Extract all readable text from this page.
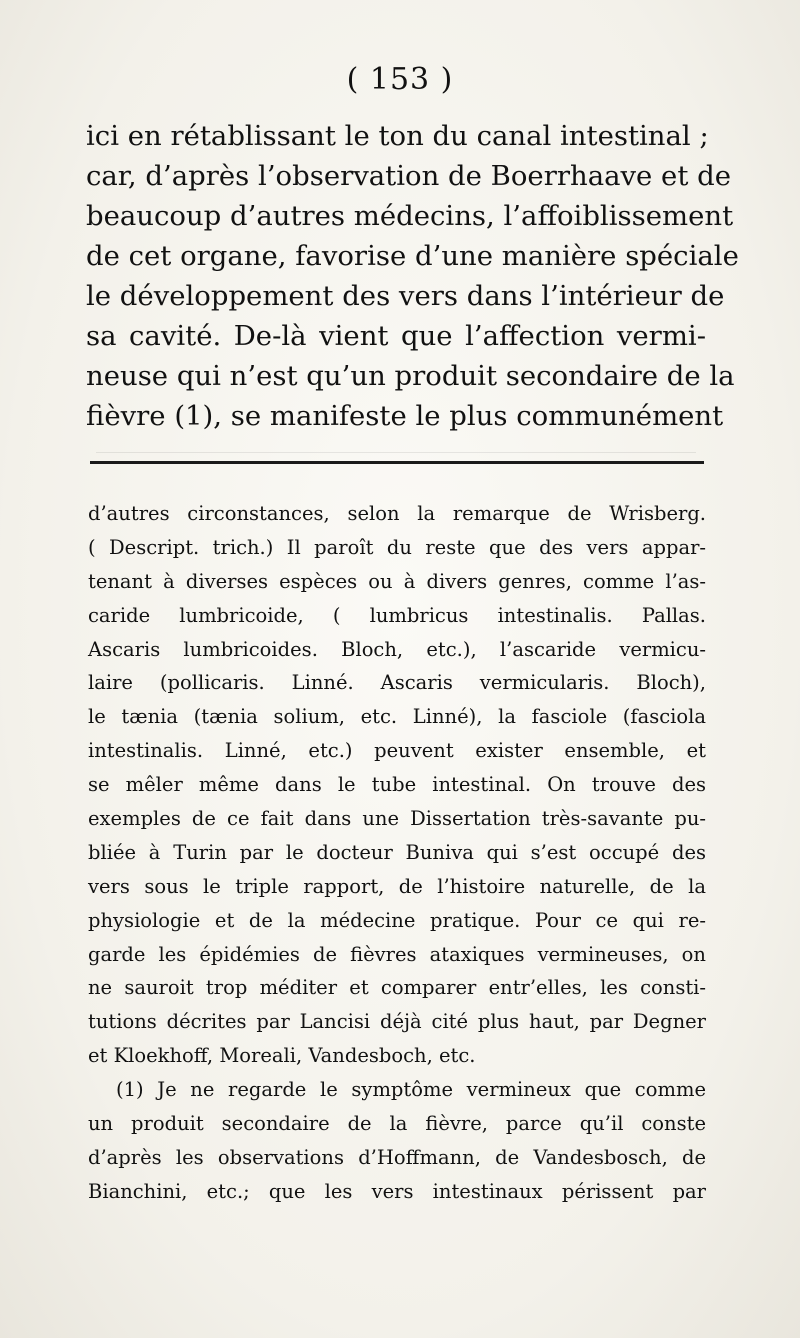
( 153 )
ici en rétablissant le ton du canal intestinal ;
car, d’après l’observation de Boerrhaave et de
beaucoup d’autres médecins, l’affoiblissement
de cet organe, favorise d’une manière spéciale
le développement des vers dans l’intérieur de
sa cavité. De-là vient que l’affection vermi-
neuse qui n’est qu’un produit secondaire de la
fièvre (1), se manifeste le plus communément
d’autres circonstances, selon la remarque de Wrisberg.
( Descript. trich.) Il paroît du reste que des vers appar-
tenant à diverses espèces ou à divers genres, comme l’as-
caride lumbricoide, ( lumbricus intestinalis. Pallas.
Ascaris lumbricoides. Bloch, etc.), l’ascaride vermicu-
laire (pollicaris. Linné. Ascaris vermicularis. Bloch),
le tænia (tænia solium, etc. Linné), la fasciole (fasciola
intestinalis. Linné, etc.) peuvent exister ensemble, et
se mêler même dans le tube intestinal. On trouve des
exemples de ce fait dans une Dissertation très-savante pu-
bliée à Turin par le docteur Buniva qui s’est occupé des
vers sous le triple rapport, de l’histoire naturelle, de la
physiologie et de la médecine pratique. Pour ce qui re-
garde les épidémies de fièvres ataxiques vermineuses, on
ne sauroit trop méditer et comparer entr’elles, les consti-
tutions décrites par Lancisi déjà cité plus haut, par Degner
et Kloekhoff, Moreali, Vandesboch, etc.
(1) Je ne regarde le symptôme vermineux que comme
un produit secondaire de la fièvre, parce qu’il conste
d’après les observations d’Hoffmann, de Vandesbosch, de
Bianchini, etc.; que les vers intestinaux périssent par
